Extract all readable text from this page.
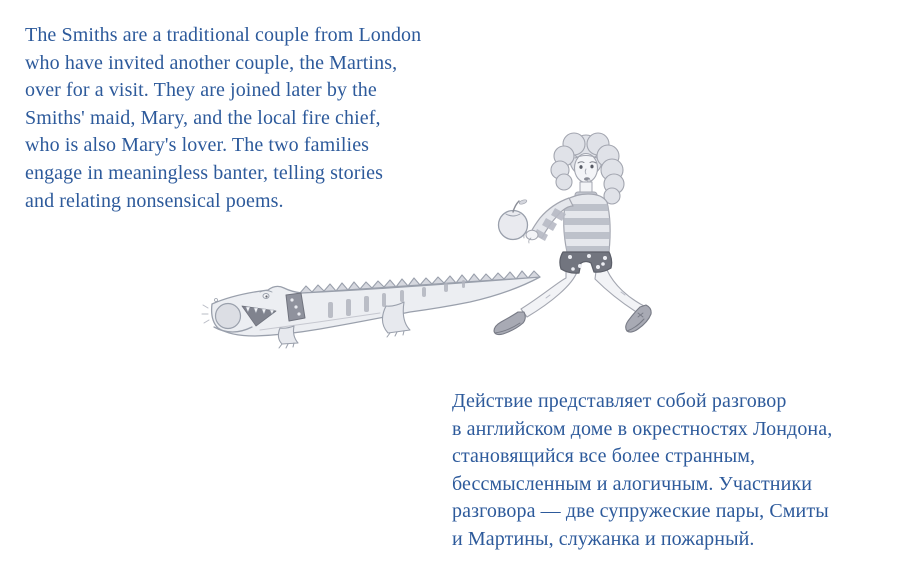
The Smiths are a traditional couple from London
who have invited another couple, the Martins,
over for a visit. They are joined later by the
Smiths' maid, Mary, and the local fire chief,
who is also Mary's lover. The two families
engage in meaningless banter, telling stories
and relating nonsensical poems.
Действие представляет собой разговор
в английском доме в окрестностях Лондона,
становящийся все более странным,
бессмысленным и алогичным. Участники
разговора — две супружеские пары, Смиты
и Мартины, служанка и пожарный.
